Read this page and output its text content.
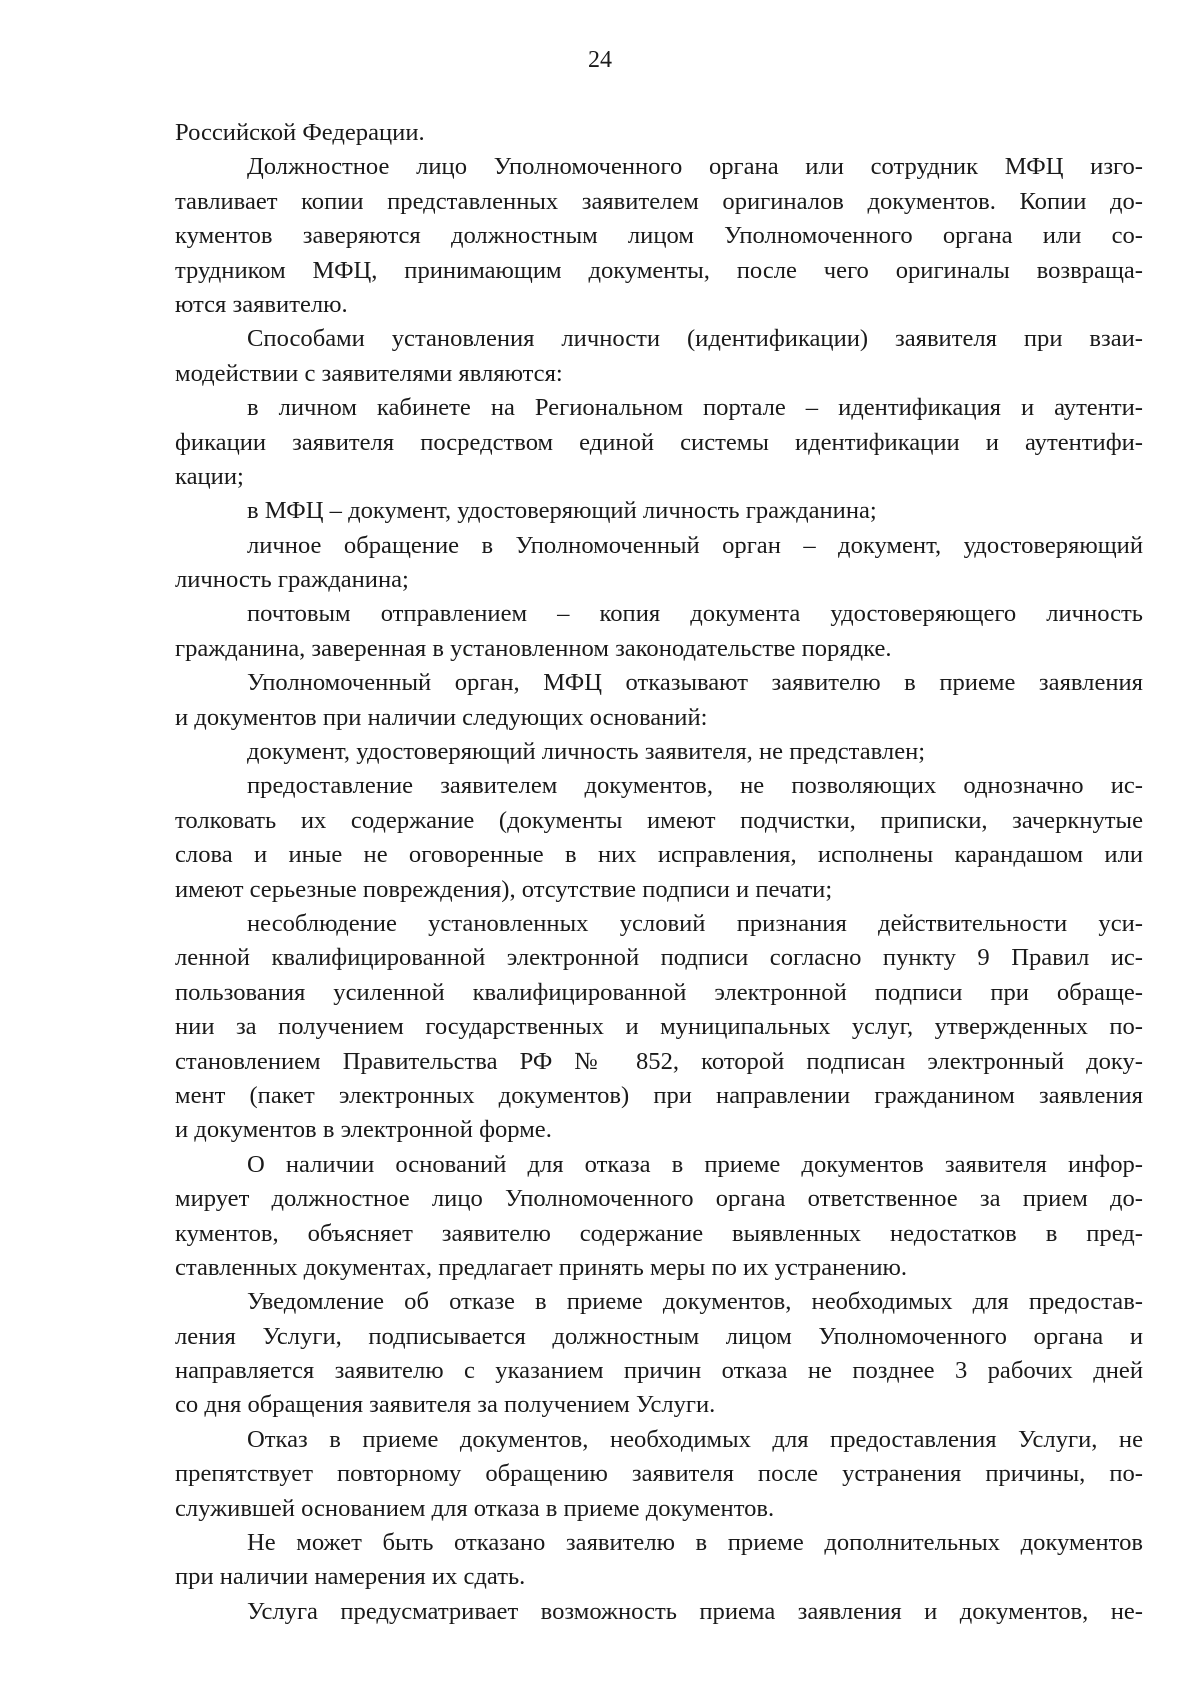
24
Российской Федерации.
Должностное лицо Уполномоченного органа или сотрудник МФЦ изго-
тавливает копии представленных заявителем оригиналов документов. Копии до-
кументов заверяются должностным лицом Уполномоченного органа или со-
трудником МФЦ, принимающим документы, после чего оригиналы возвраща-
ются заявителю.
Способами установления личности (идентификации) заявителя при взаи-
модействии с заявителями являются:
в личном кабинете на Региональном портале – идентификация и аутенти-
фикации заявителя посредством единой системы идентификации и аутентифи-
кации;
в МФЦ – документ, удостоверяющий личность гражданина;
личное обращение в Уполномоченный орган – документ, удостоверяющий
личность гражданина;
почтовым отправлением – копия документа удостоверяющего личность
гражданина, заверенная в установленном законодательстве порядке.
Уполномоченный орган, МФЦ отказывают заявителю в приеме заявления
и документов при наличии следующих оснований:
документ, удостоверяющий личность заявителя, не представлен;
предоставление заявителем документов, не позволяющих однозначно ис-
толковать их содержание (документы имеют подчистки, приписки, зачеркнутые
слова и иные не оговоренные в них исправления, исполнены карандашом или
имеют серьезные повреждения), отсутствие подписи и печати;
несоблюдение установленных условий признания действительности уси-
ленной квалифицированной электронной подписи согласно пункту 9 Правил ис-
пользования усиленной квалифицированной электронной подписи при обраще-
нии за получением государственных и муниципальных услуг, утвержденных по-
становлением Правительства РФ № 852, которой подписан электронный доку-
мент (пакет электронных документов) при направлении гражданином заявления
и документов в электронной форме.
О наличии оснований для отказа в приеме документов заявителя инфор-
мирует должностное лицо Уполномоченного органа ответственное за прием до-
кументов, объясняет заявителю содержание выявленных недостатков в пред-
ставленных документах, предлагает принять меры по их устранению.
Уведомление об отказе в приеме документов, необходимых для предостав-
ления Услуги, подписывается должностным лицом Уполномоченного органа и
направляется заявителю с указанием причин отказа не позднее 3 рабочих дней
со дня обращения заявителя за получением Услуги.
Отказ в приеме документов, необходимых для предоставления Услуги, не
препятствует повторному обращению заявителя после устранения причины, по-
служившей основанием для отказа в приеме документов.
Не может быть отказано заявителю в приеме дополнительных документов
при наличии намерения их сдать.
Услуга предусматривает возможность приема заявления и документов, не-
